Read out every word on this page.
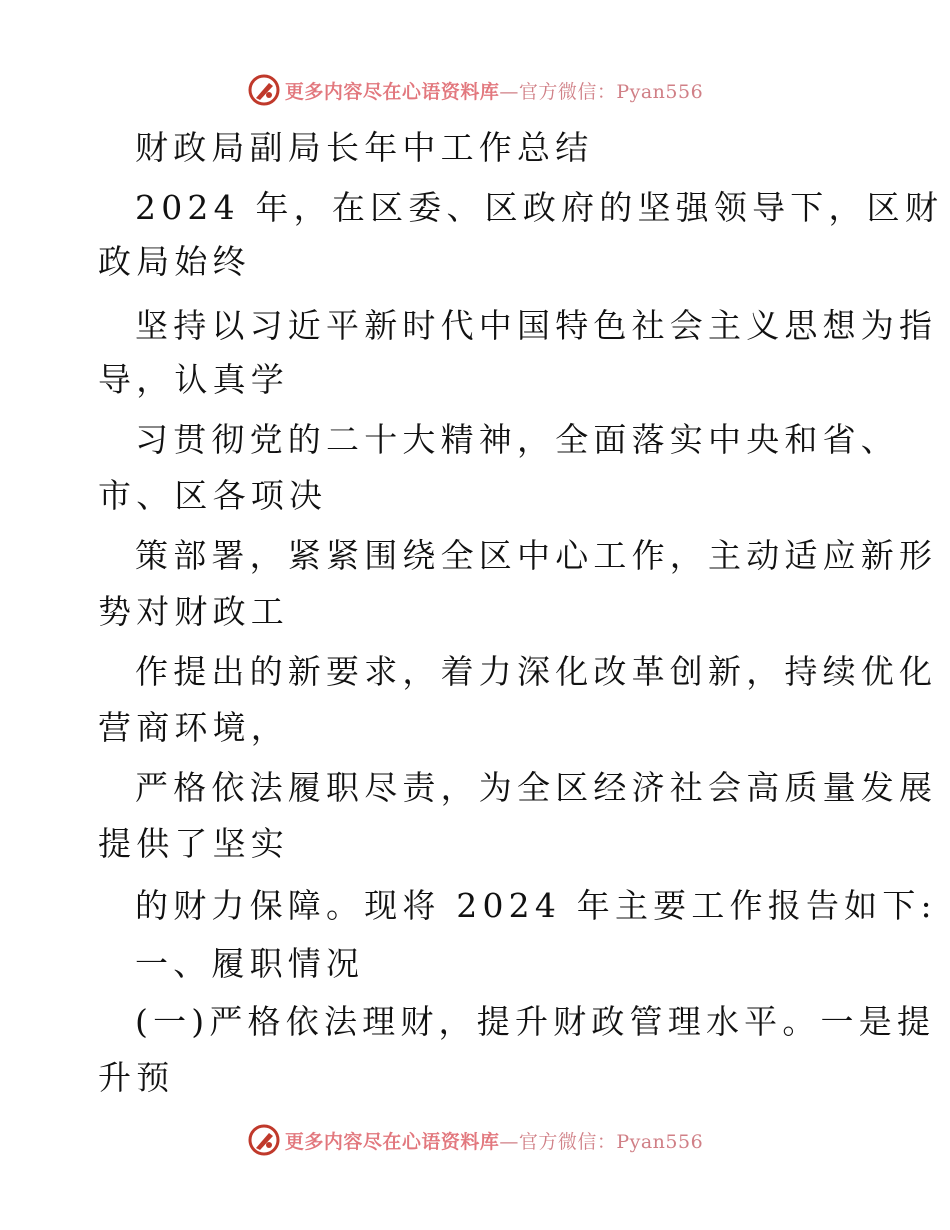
更多内容尽在心语资料库—官方微信：Pyan556
财政局副局长年中工作总结
2024 年，在区委、区政府的坚强领导下，区财
政局始终
坚持以习近平新时代中国特色社会主义思想为指
导，认真学
习贯彻党的二十大精神，全面落实中央和省、
市、区各项决
策部署，紧紧围绕全区中心工作，主动适应新形
势对财政工
作提出的新要求，着力深化改革创新，持续优化
营商环境，
严格依法履职尽责，为全区经济社会高质量发展
提供了坚实
的财力保障。现将 2024 年主要工作报告如下:
一、履职情况
(一)严格依法理财，提升财政管理水平。一是提
升预
更多内容尽在心语资料库—官方微信：Pyan556
